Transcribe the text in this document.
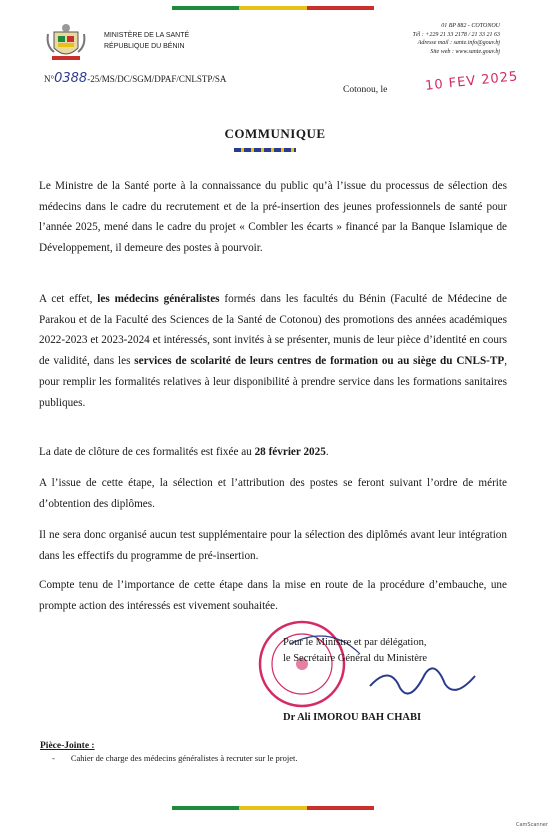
MINISTÈRE DE LA SANTÉ
RÉPUBLIQUE DU BÉNIN
01 BP 882 - COTONOU
Tél : +229 21 33 2178 / 21 33 21 63
Adresse mail : sante.info@gouv.bj
Site web : www.sante.gouv.bj
N°0388-25/MS/DC/SGM/DPAF/CNLSTP/SA
Cotonou, le	10 FEV 2025
COMMUNIQUE
Le Ministre de la Santé porte à la connaissance du public qu’à l’issue du processus de sélection des médecins dans le cadre du recrutement et de la pré-insertion des jeunes professionnels de santé pour l’année 2025, mené dans le cadre du projet « Combler les écarts » financé par la Banque Islamique de Développement, il demeure des postes à pourvoir.
A cet effet, les médecins généralistes formés dans les facultés du Bénin (Faculté de Médecine de Parakou et de la Faculté des Sciences de la Santé de Cotonou) des promotions des années académiques 2022-2023 et 2023-2024 et intéressés, sont invités à se présenter, munis de leur pièce d’identité en cours de validité, dans les services de scolarité de leurs centres de formation ou au siège du CNLS-TP, pour remplir les formalités relatives à leur disponibilité à prendre service dans les formations sanitaires publiques.
La date de clôture de ces formalités est fixée au 28 février 2025.
A l’issue de cette étape, la sélection et l’attribution des postes se feront suivant l’ordre de mérite d’obtention des diplômes.
Il ne sera donc organisé aucun test supplémentaire pour la sélection des diplômés avant leur intégration dans les effectifs du programme de pré-insertion.
Compte tenu de l’importance de cette étape dans la mise en route de la procédure d’embauche, une prompte action des intéressés est vivement souhaitée.
Pour le Ministre et par délégation,
le Secrétaire Général du Ministère
Dr Ali IMOROU BAH CHABI
Pièce-Jointe :
- Cahier de charge des médecins généralistes à recruter sur le projet.
CamScanner
